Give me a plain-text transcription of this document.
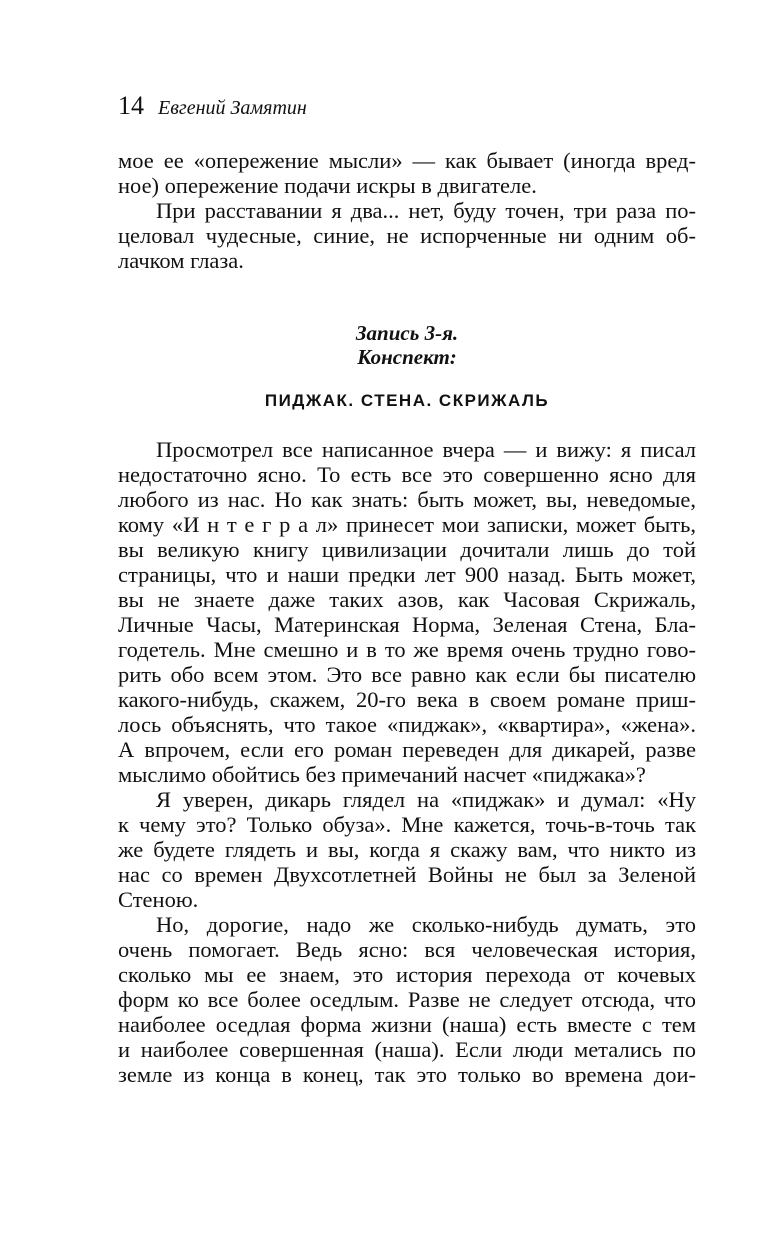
14 Евгений Замятин
мое ее «опережение мысли» — как бывает (иногда вред-
ное) опережение подачи искры в двигателе.
При расставании я два... нет, буду точен, три раза по-
целовал чудесные, синие, не испорченные ни одним об-
лачком глаза.
Запись 3-я.
Конспект:
ПИДЖАК. СТЕНА. СКРИЖАЛЬ
Просмотрел все написанное вчера — и вижу: я писал
недостаточно ясно. То есть все это совершенно ясно для
любого из нас. Но как знать: быть может, вы, неведомые,
кому «И н т е г р а л» принесет мои записки, может быть,
вы великую книгу цивилизации дочитали лишь до той
страницы, что и наши предки лет 900 назад. Быть может,
вы не знаете даже таких азов, как Часовая Скрижаль,
Личные Часы, Материнская Норма, Зеленая Стена, Бла-
годетель. Мне смешно и в то же время очень трудно гово-
рить обо всем этом. Это все равно как если бы писателю
какого-нибудь, скажем, 20-го века в своем романе приш-
лось объяснять, что такое «пиджак», «квартира», «жена».
А впрочем, если его роман переведен для дикарей, разве
мыслимо обойтись без примечаний насчет «пиджака»?
Я уверен, дикарь глядел на «пиджак» и думал: «Ну
к чему это? Только обуза». Мне кажется, точь-в-точь так
же будете глядеть и вы, когда я скажу вам, что никто из
нас со времен Двухсотлетней Войны не был за Зеленой
Стеною.
Но, дорогие, надо же сколько-нибудь думать, это
очень помогает. Ведь ясно: вся человеческая история,
сколько мы ее знаем, это история перехода от кочевых
форм ко все более оседлым. Разве не следует отсюда, что
наиболее оседлая форма жизни (наша) есть вместе с тем
и наиболее совершенная (наша). Если люди метались по
земле из конца в конец, так это только во времена дои-
